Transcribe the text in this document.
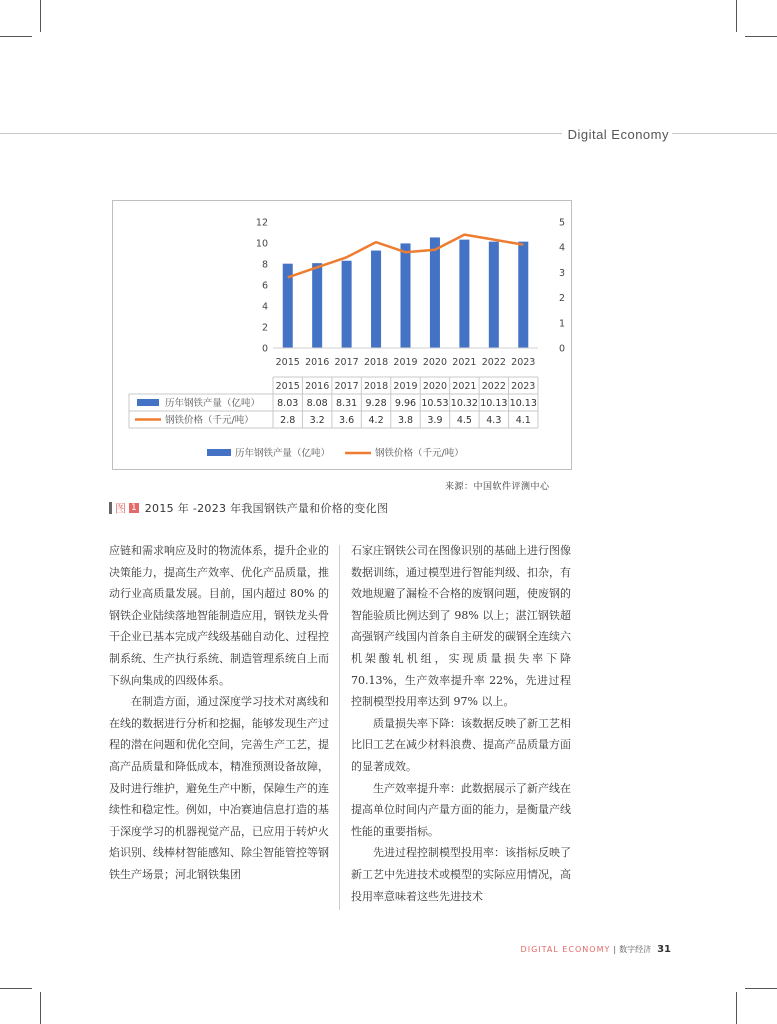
Digital Economy
0
2
4
6
8
10
12
0
1
2
3
4
5
2015 2016 2017 2018 2019 2020 2021 2022 2023
2015 2016 2017 2018 2019 2020 2021 2022 2023
历年钢铁产量（亿吨） 8.03 8.08 8.31 9.28 9.96 10.53 10.32 10.13 10.13
钢铁价格（千元/吨）	2.8 3.2 3.6 4.2 3.8 3.9 4.5 4.3 4.1
历年钢铁产量（亿吨）	钢铁价格（千元/吨）
来源：中国软件评测中心
图 1 2015 年 -2023 年我国钢铁产量和价格的变化图

应链和需求响应及时的物流体系，提升企业的决策能力，提高生产效率、优化产品质量，推动行业高质量发展。目前，国内超过 80% 的钢铁企业陆续落地智能制造应用，钢铁龙头骨干企业已基本完成产线级基础自动化、过程控制系统、生产执行系统、制造管理系统自上而下纵向集成的四级体系。

在制造方面，通过深度学习技术对离线和在线的数据进行分析和挖掘，能够发现生产过程的潜在问题和优化空间，完善生产工艺，提高产品质量和降低成本，精准预测设备故障，及时进行维护，避免生产中断，保障生产的连续性和稳定性。例如，中冶赛迪信息打造的基于深度学习的机器视觉产品，已应用于转炉火焰识别、线棒材智能感知、除尘智能管控等钢铁生产场景；河北钢铁集团

石家庄钢铁公司在图像识别的基础上进行图像数据训练，通过模型进行智能判级、扣杂，有效地规避了漏检不合格的废钢问题，使废钢的智能验质比例达到了 98% 以上；湛江钢铁超高强钢产线国内首条自主研发的碳钢全连续六机架酸轧机组，实现质量损失率下降 70.13%，生产效率提升率 22%，先进过程控制模型投用率达到 97% 以上。

质量损失率下降：该数据反映了新工艺相比旧工艺在减少材料浪费、提高产品质量方面的显著成效。

生产效率提升率：此数据展示了新产线在提高单位时间内产量方面的能力，是衡量产线性能的重要指标。

先进过程控制模型投用率：该指标反映了新工艺中先进技术或模型的实际应用情况，高投用率意味着这些先进技术

DIGITAL ECONOMY | 数字经济 31
